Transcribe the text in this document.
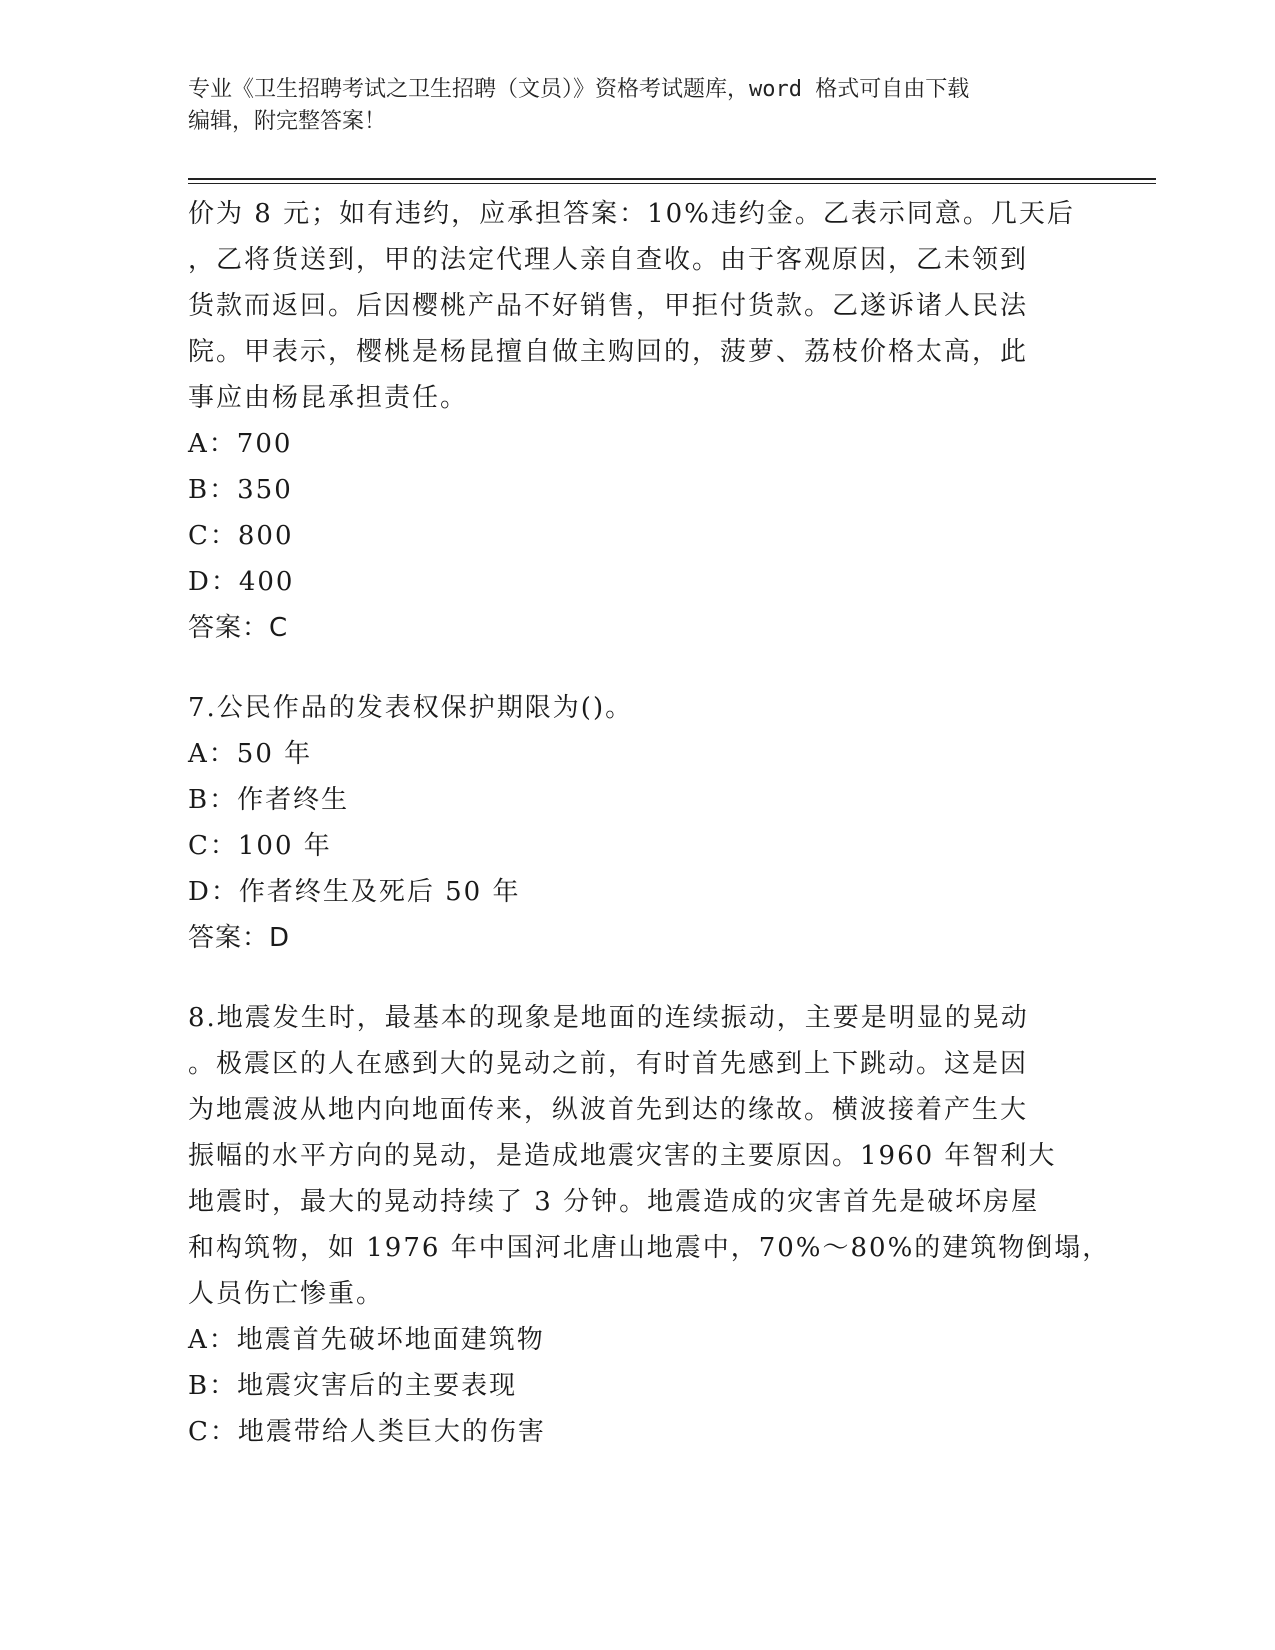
专业《卫生招聘考试之卫生招聘（文员）》资格考试题库，word 格式可自由下载
编辑，附完整答案！
价为 8 元；如有违约，应承担答案：10%违约金。乙表示同意。几天后
，乙将货送到，甲的法定代理人亲自查收。由于客观原因，乙未领到
货款而返回。后因樱桃产品不好销售，甲拒付货款。乙遂诉诸人民法
院。甲表示，樱桃是杨昆擅自做主购回的，菠萝、荔枝价格太高，此
事应由杨昆承担责任。
A：700
B：350
C：800
D：400
答案：C
7.公民作品的发表权保护期限为()。
A：50 年
B：作者终生
C：100 年
D：作者终生及死后 50 年
答案：D
8.地震发生时，最基本的现象是地面的连续振动，主要是明显的晃动
。极震区的人在感到大的晃动之前，有时首先感到上下跳动。这是因
为地震波从地内向地面传来，纵波首先到达的缘故。横波接着产生大
振幅的水平方向的晃动，是造成地震灾害的主要原因。1960 年智利大
地震时，最大的晃动持续了 3 分钟。地震造成的灾害首先是破坏房屋
和构筑物，如 1976 年中国河北唐山地震中，70%～80%的建筑物倒塌，
人员伤亡惨重。
A：地震首先破坏地面建筑物
B：地震灾害后的主要表现
C：地震带给人类巨大的伤害
